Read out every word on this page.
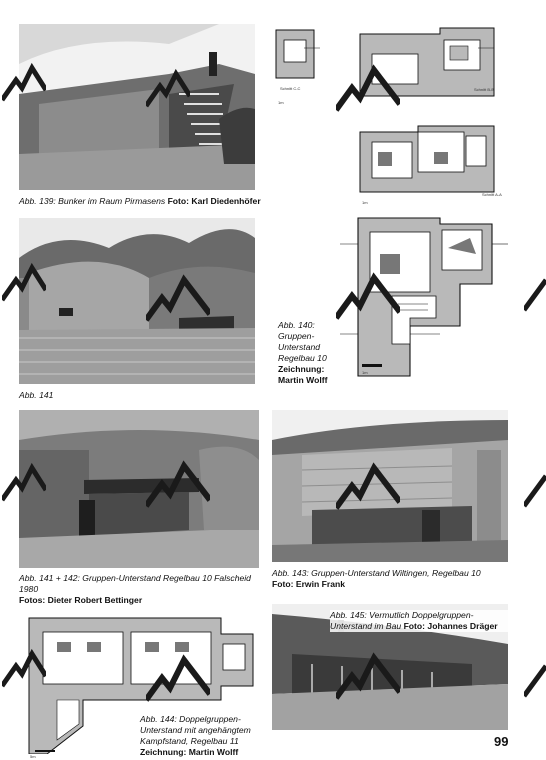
Abb. 139: Bunker im Raum Pirmasens Foto: Karl Diedenhöfer
Schnitt C-C
1m
Schnitt B-B
Schnitt A-A
1m
Abb. 141
1m
Abb. 140: Gruppen-Unterstand Regelbau 10
Zeichnung: Martin Wolff
Abb. 141 + 142: Gruppen-Unterstand Regelbau 10 Falscheid 1980
Fotos: Dieter Robert Bettinger
Abb. 143: Gruppen-Unterstand Wiltingen, Regelbau 10
Foto: Erwin Frank
5m
Abb. 144: Doppelgruppen-Unterstand mit angehängtem Kampfstand, Regelbau 11 Zeichnung: Martin Wolff
Abb. 145: Vermutlich Doppelgruppen-Unterstand im Bau Foto: Johannes Dräger
99
